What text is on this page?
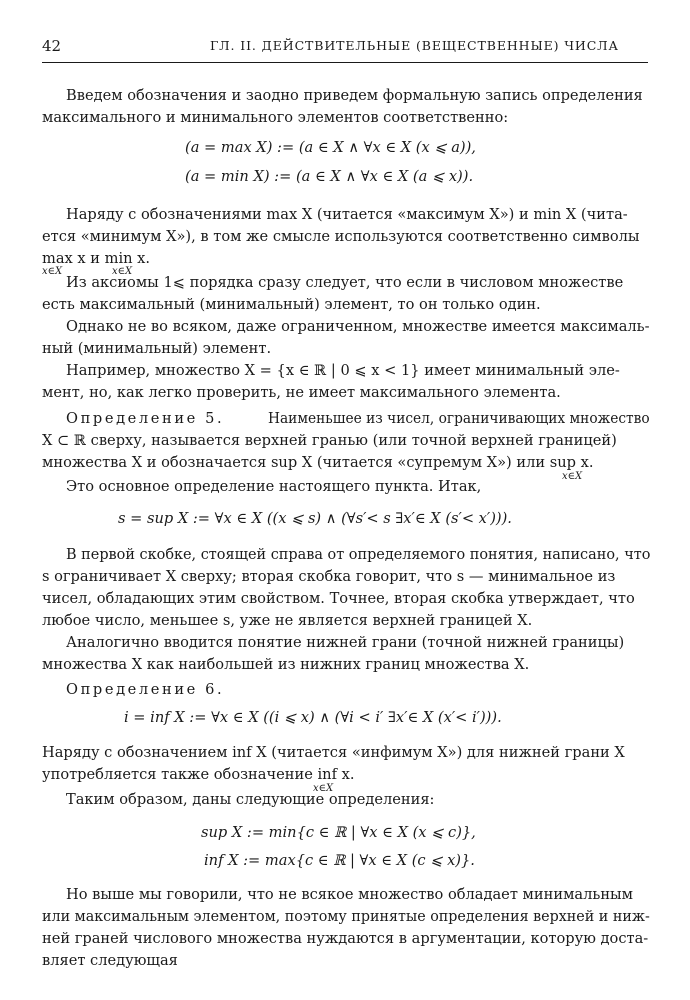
42	ГЛ. II. ДЕЙСТВИТЕЛЬНЫЕ (ВЕЩЕСТВЕННЫЕ) ЧИСЛА
Введем обозначения и заодно приведем формальную запись определения
максимального и минимального элементов соответственно:
(a = max X) := (a ∈ X ∧ ∀x ∈ X (x ⩽ a)),
(a = min X) := (a ∈ X ∧ ∀x ∈ X (a ⩽ x)).
Наряду с обозначениями max X (читается «максимум X») и min X (чита-
ется «минимум X»), в том же смысле используются соответственно символы
max x и min x.
x∈X	x∈X
Из аксиомы 1⩽ порядка сразу следует, что если в числовом множестве
есть максимальный (минимальный) элемент, то он только один.
Однако не во всяком, даже ограниченном, множестве имеется максималь-
ный (минимальный) элемент.
Например, множество X = {x ∈ ℝ | 0 ⩽ x < 1} имеет минимальный эле-
мент, но, как легко проверить, не имеет максимального элемента.
Определение 5.	Наименьшее из чисел, ограничивающих множество
X ⊂ ℝ сверху, называется верхней гранью (или точной верхней границей)
множества X и обозначается sup X (читается «супремум X») или sup x.
x∈X
Это основное определение настоящего пункта. Итак,
s = sup X := ∀x ∈ X ((x ⩽ s) ∧ (∀s′< s ∃x′∈ X (s′< x′))).
В первой скобке, стоящей справа от определяемого понятия, написано, что
s ограничивает X сверху; вторая скобка говорит, что s — минимальное из
чисел, обладающих этим свойством. Точнее, вторая скобка утверждает, что
любое число, меньшее s, уже не является верхней границей X.
Аналогично вводится понятие нижней грани (точной нижней границы)
множества X как наибольшей из нижних границ множества X.
Определение 6.
i = inf X := ∀x ∈ X ((i ⩽ x) ∧ (∀i < i′ ∃x′∈ X (x′< i′))).
Наряду с обозначением inf X (читается «инфимум X») для нижней грани X
употребляется также обозначение inf x.
x∈X
Таким образом, даны следующие определения:
sup X := min{c ∈ ℝ | ∀x ∈ X (x ⩽ c)},
inf X := max{c ∈ ℝ | ∀x ∈ X (c ⩽ x)}.
Но выше мы говорили, что не всякое множество обладает минимальным
или максимальным элементом, поэтому принятые определения верхней и ниж-
ней граней числового множества нуждаются в аргументации, которую доста-
вляет следующая
